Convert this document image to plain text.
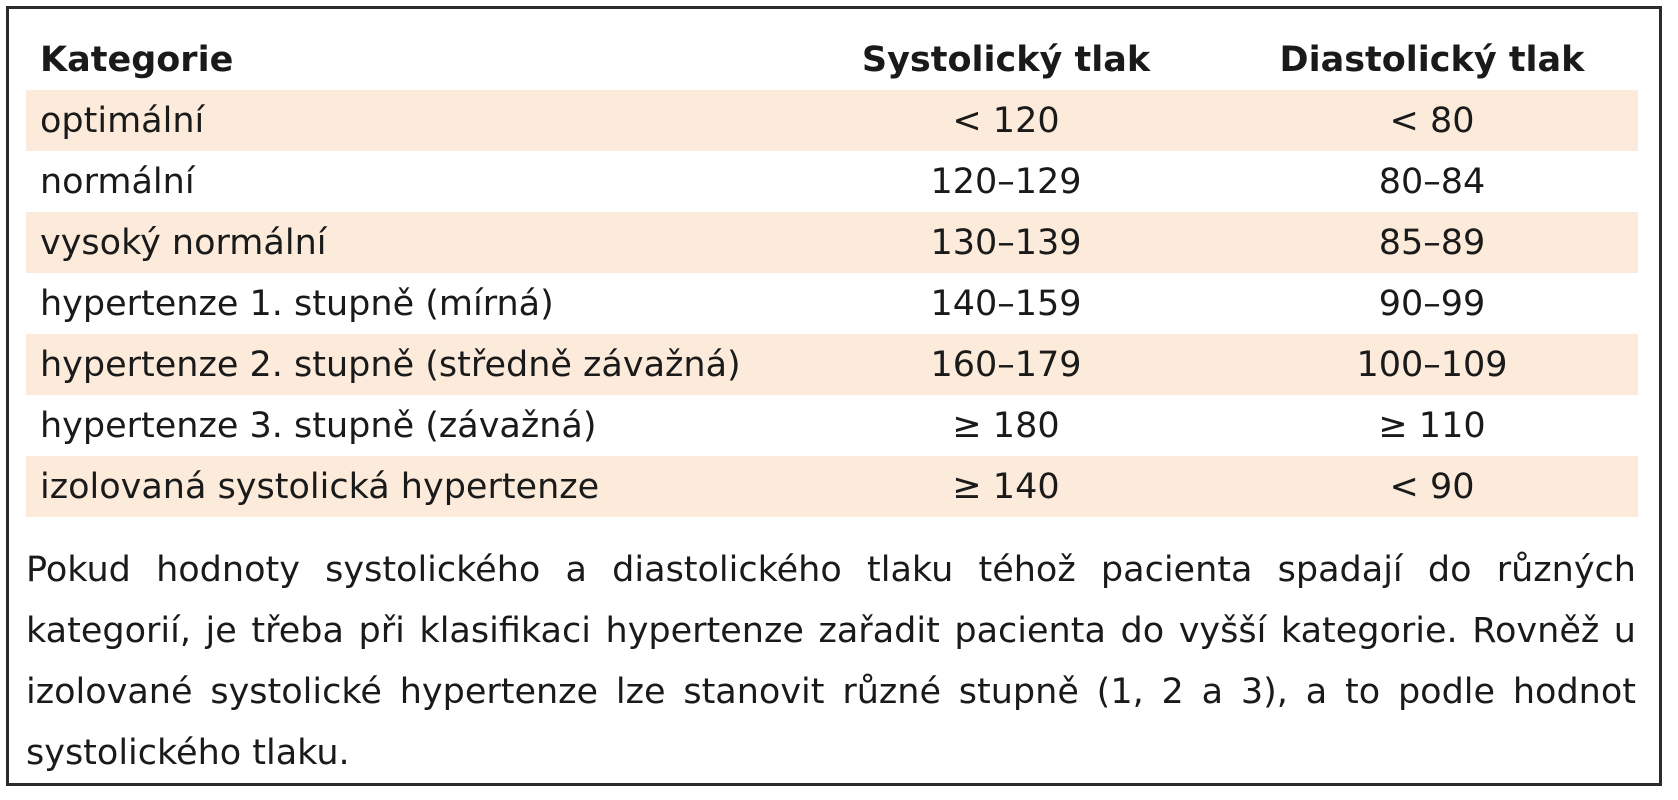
Kategorie	Systolický tlak	Diastolický tlak
optimální	< 120	< 80
normální	120–129	80–84
vysoký normální	130–139	85–89
hypertenze 1. stupně (mírná)	140–159	90–99
hypertenze 2. stupně (středně závažná)	160–179	100–109
hypertenze 3. stupně (závažná)	≥ 180	≥ 110
izolovaná systolická hypertenze	≥ 140	< 90

Pokud hodnoty systolického a diastolického tlaku téhož pacienta spadají do různých kategorií, je třeba při klasifikaci hypertenze zařadit pacienta do vyšší kategorie. Rovněž u izolované systolické hypertenze lze stanovit různé stupně (1, 2 a 3), a to podle hodnot systolického tlaku.
